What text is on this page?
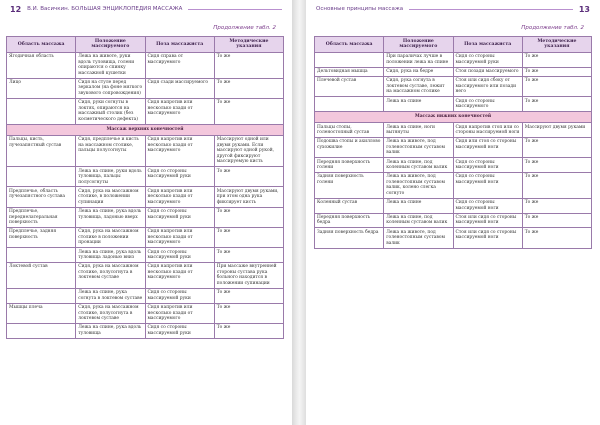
12 В.И. Васичкин. БОЛЬШАЯ ЭНЦИКЛОПЕДИЯ МАССАЖА
Продолжение табл. 2
Область массажа	Положение массируемого	Поза массажиста	Методические указания
Ягодичная область	Лежа на животе, руки вдоль туловища, голени опираются о спинку массажной кушетки	Сидя справа от массируемого	То же
Лицо	Сидя на стуле перед зеркалом (на фоне мягкого звукового сопровождения)	Сидя сзади массируемого	То же
	Сидя, руки согнуты в локтях, опираются на массажный столик (без косметического дефекта)	Сидя напротив или несколько кзади от массируемого	То же
Массаж верхних конечностей			
Пальцы, кисть, лучезапястный сустав	Сидя, предплечье и кисть на массажном столике, пальцы полусогнуты	Сидя напротив или несколько кзади от массируемого	Массируют одной или двумя руками. Если массируют одной рукой, другой фиксируют массируемую кисть
	Лежа на спине, руки вдоль туловища, пальцы полусогнуты	Сидя со стороны массируемой руки	То же
Предплечье, область лучезапястного сустава	Сидя, рука на массажном столике, в положении супинации	Сидя напротив или несколько кзади от массируемого	Массируют двумя руками, при этом одна рука фиксирует кисть
Предплечье, переднелатеральная поверхность	Лежа на спине, рука вдоль туловища, ладонью вверх	Сидя со стороны массируемой руки	То же
Предплечье, задняя поверхность	Сидя, рука на массажном столике в положении пронации	Сидя напротив или несколько кзади от массируемого	То же
	Лежа на спине, рука вдоль туловища ладонью вниз	Сидя со стороны массируемой руки	То же
Локтевой сустав	Сидя, рука на массажном столике, полусогнута в локтевом суставе	Сидя напротив или несколько кзади от массируемого	При массаже внутренней стороны сустава рука больного находится в положении супинации
	Лежа на спине, рука согнута в локтевом суставе	Сидя со стороны массируемой руки	То же
Мышцы плеча	Сидя, рука на массажном столике, полусогнута в локтевом суставе	Сидя напротив или несколько кзади от массируемого	То же
	Лежа на спине, рука вдоль туловища	Сидя со стороны массируемой руки	То же
Основные принципы массажа	13
Продолжение табл. 2
Область массажа	Положение массируемого	Поза массажиста	Методические указания
	При параличах лучше в положении лежа на спине	Сидя со стороны массируемой руки	То же
Дельтовидная мышца	Сидя, рука на бедре	Стоя позади массируемого	То же
Плечевой сустав	Сидя, рука согнута в локтевом суставе, лежит на массажном столике	Стоя или сидя сбоку от массируемого или позади него	То же
	Лежа на спине	Сидя со стороны массируемого	То же
Массаж нижних конечностей			
Пальцы стопы, голеностопный сустав	Лежа на спине, ноги вытянуты	Сидя напротив стоп или со стороны массируемой ноги	Массируют двумя руками
Подошва стопы и ахиллово сухожилие	Лежа на животе, под голеностопным суставом валик	Сидя или стоя со стороны массируемой ноги	То же
Передняя поверхность голени	Лежа на спине, под коленным суставом валик	Сидя со стороны массируемой ноги	То же
Задняя поверхность голени	Лежа на животе, под голеностопным суставом валик, колено слегка согнуто	Сидя со стороны массируемой ноги	То же
Коленный сустав	Лежа на спине	Сидя со стороны массируемой ноги	То же
Передняя поверхность бедра	Лежа на спине, под коленным суставом валик	Стоя или сидя со стороны массируемой ноги	То же
Задняя поверхность бедра	Лежа на животе, под голеностопным суставом валик	Стоя или сидя со стороны массируемой ноги	То же
